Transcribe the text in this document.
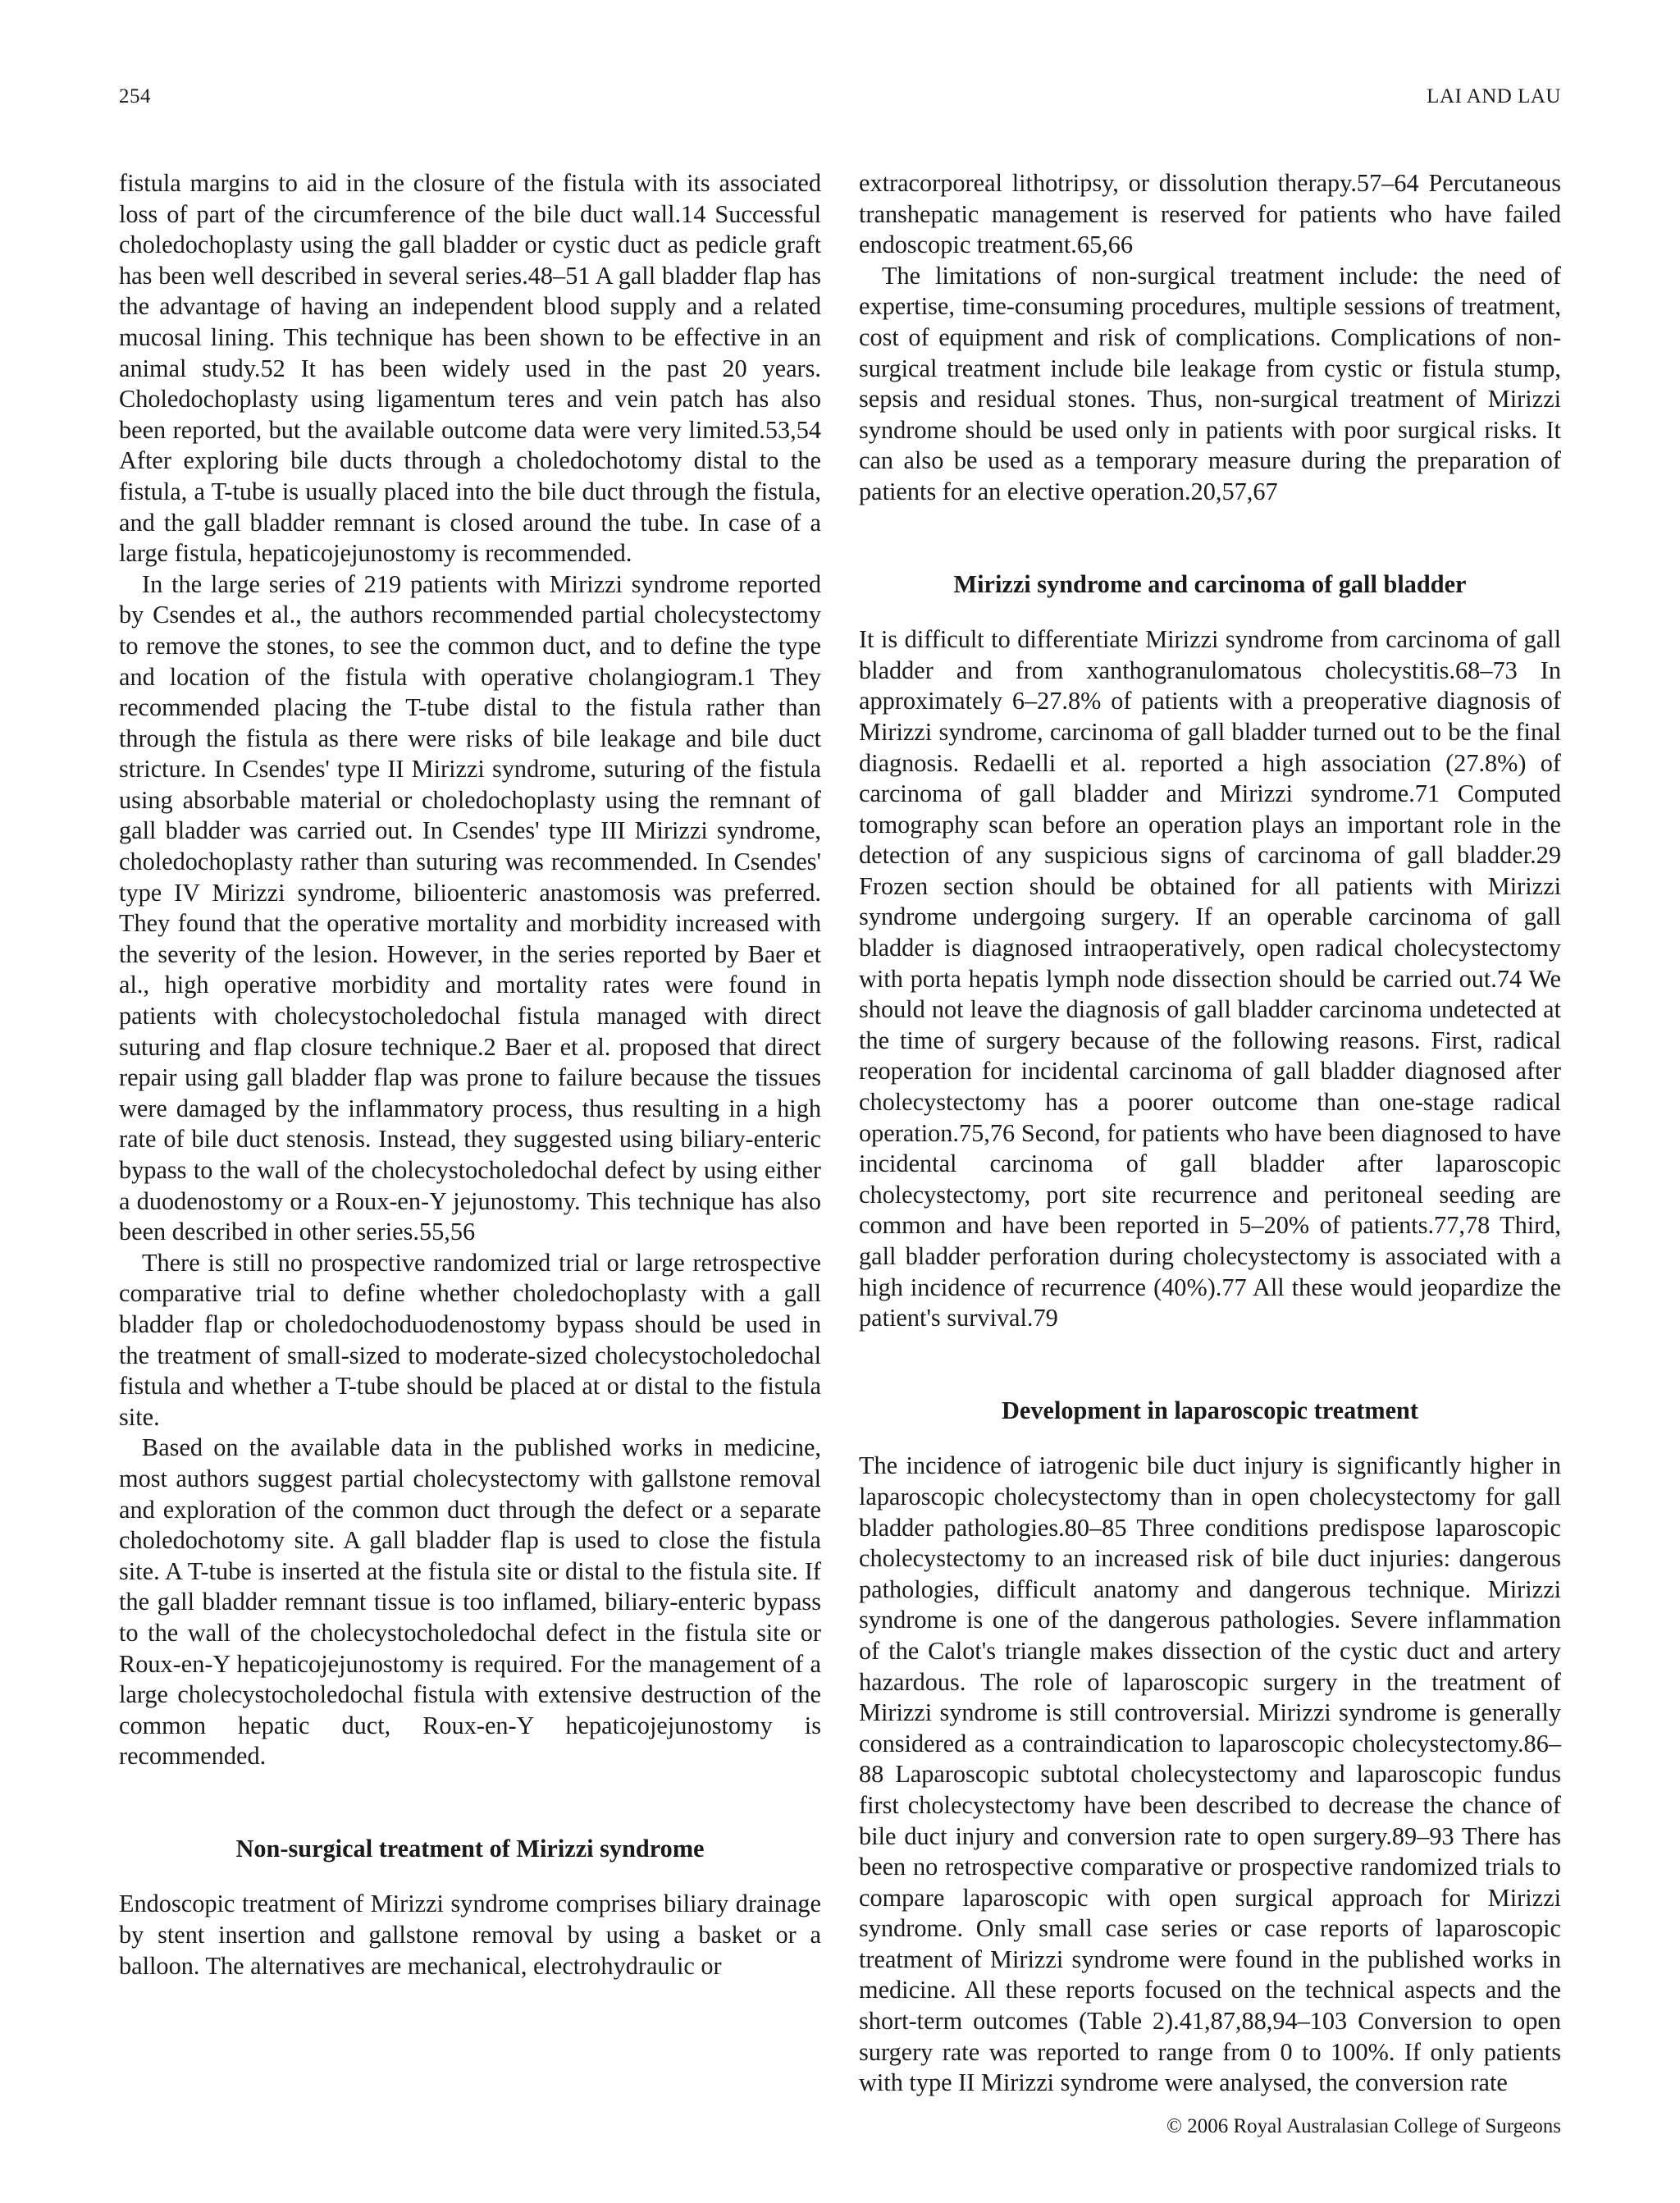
254	LAI AND LAU

fistula margins to aid in the closure of the fistula with its associated loss of part of the circumference of the bile duct wall.14 Successful choledochoplasty using the gall bladder or cystic duct as pedicle graft has been well described in several series.48–51 A gall bladder flap has the advantage of having an independent blood supply and a related mucosal lining. This technique has been shown to be effective in an animal study.52 It has been widely used in the past 20 years. Choledochoplasty using ligamentum teres and vein patch has also been reported, but the available outcome data were very limited.53,54 After exploring bile ducts through a choledochotomy distal to the fistula, a T-tube is usually placed into the bile duct through the fistula, and the gall bladder remnant is closed around the tube. In case of a large fistula, hepaticojejunostomy is recommended.

In the large series of 219 patients with Mirizzi syndrome reported by Csendes et al., the authors recommended partial cholecystectomy to remove the stones, to see the common duct, and to define the type and location of the fistula with operative cholangiogram.1 They recommended placing the T-tube distal to the fistula rather than through the fistula as there were risks of bile leakage and bile duct stricture. In Csendes' type II Mirizzi syndrome, suturing of the fistula using absorbable material or choledochoplasty using the remnant of gall bladder was carried out. In Csendes' type III Mirizzi syndrome, choledochoplasty rather than suturing was recommended. In Csendes' type IV Mirizzi syndrome, bilioenteric anastomosis was preferred. They found that the operative mortality and morbidity increased with the severity of the lesion. However, in the series reported by Baer et al., high operative morbidity and mortality rates were found in patients with cholecystocholedochal fistula managed with direct suturing and flap closure technique.2 Baer et al. proposed that direct repair using gall bladder flap was prone to failure because the tissues were damaged by the inflammatory process, thus resulting in a high rate of bile duct stenosis. Instead, they suggested using biliary-enteric bypass to the wall of the cholecystocholedochal defect by using either a duodenostomy or a Roux-en-Y jejunostomy. This technique has also been described in other series.55,56

There is still no prospective randomized trial or large retrospective comparative trial to define whether choledochoplasty with a gall bladder flap or choledochoduodenostomy bypass should be used in the treatment of small-sized to moderate-sized cholecystocholedochal fistula and whether a T-tube should be placed at or distal to the fistula site.

Based on the available data in the published works in medicine, most authors suggest partial cholecystectomy with gallstone removal and exploration of the common duct through the defect or a separate choledochotomy site. A gall bladder flap is used to close the fistula site. A T-tube is inserted at the fistula site or distal to the fistula site. If the gall bladder remnant tissue is too inflamed, biliary-enteric bypass to the wall of the cholecystocholedochal defect in the fistula site or Roux-en-Y hepaticojejunostomy is required. For the management of a large cholecystocholedochal fistula with extensive destruction of the common hepatic duct, Roux-en-Y hepaticojejunostomy is recommended.

Non-surgical treatment of Mirizzi syndrome

Endoscopic treatment of Mirizzi syndrome comprises biliary drainage by stent insertion and gallstone removal by using a basket or a balloon. The alternatives are mechanical, electrohydraulic or

extracorporeal lithotripsy, or dissolution therapy.57–64 Percutaneous transhepatic management is reserved for patients who have failed endoscopic treatment.65,66

The limitations of non-surgical treatment include: the need of expertise, time-consuming procedures, multiple sessions of treatment, cost of equipment and risk of complications. Complications of non-surgical treatment include bile leakage from cystic or fistula stump, sepsis and residual stones. Thus, non-surgical treatment of Mirizzi syndrome should be used only in patients with poor surgical risks. It can also be used as a temporary measure during the preparation of patients for an elective operation.20,57,67

Mirizzi syndrome and carcinoma of gall bladder

It is difficult to differentiate Mirizzi syndrome from carcinoma of gall bladder and from xanthogranulomatous cholecystitis.68–73 In approximately 6–27.8% of patients with a preoperative diagnosis of Mirizzi syndrome, carcinoma of gall bladder turned out to be the final diagnosis. Redaelli et al. reported a high association (27.8%) of carcinoma of gall bladder and Mirizzi syndrome.71 Computed tomography scan before an operation plays an important role in the detection of any suspicious signs of carcinoma of gall bladder.29 Frozen section should be obtained for all patients with Mirizzi syndrome undergoing surgery. If an operable carcinoma of gall bladder is diagnosed intraoperatively, open radical cholecystectomy with porta hepatis lymph node dissection should be carried out.74 We should not leave the diagnosis of gall bladder carcinoma undetected at the time of surgery because of the following reasons. First, radical reoperation for incidental carcinoma of gall bladder diagnosed after cholecystectomy has a poorer outcome than one-stage radical operation.75,76 Second, for patients who have been diagnosed to have incidental carcinoma of gall bladder after laparoscopic cholecystectomy, port site recurrence and peritoneal seeding are common and have been reported in 5–20% of patients.77,78 Third, gall bladder perforation during cholecystectomy is associated with a high incidence of recurrence (40%).77 All these would jeopardize the patient's survival.79

Development in laparoscopic treatment

The incidence of iatrogenic bile duct injury is significantly higher in laparoscopic cholecystectomy than in open cholecystectomy for gall bladder pathologies.80–85 Three conditions predispose laparoscopic cholecystectomy to an increased risk of bile duct injuries: dangerous pathologies, difficult anatomy and dangerous technique. Mirizzi syndrome is one of the dangerous pathologies. Severe inflammation of the Calot's triangle makes dissection of the cystic duct and artery hazardous. The role of laparoscopic surgery in the treatment of Mirizzi syndrome is still controversial. Mirizzi syndrome is generally considered as a contraindication to laparoscopic cholecystectomy.86–88 Laparoscopic subtotal cholecystectomy and laparoscopic fundus first cholecystectomy have been described to decrease the chance of bile duct injury and conversion rate to open surgery.89–93 There has been no retrospective comparative or prospective randomized trials to compare laparoscopic with open surgical approach for Mirizzi syndrome. Only small case series or case reports of laparoscopic treatment of Mirizzi syndrome were found in the published works in medicine. All these reports focused on the technical aspects and the short-term outcomes (Table 2).41,87,88,94–103 Conversion to open surgery rate was reported to range from 0 to 100%. If only patients with type II Mirizzi syndrome were analysed, the conversion rate

© 2006 Royal Australasian College of Surgeons
